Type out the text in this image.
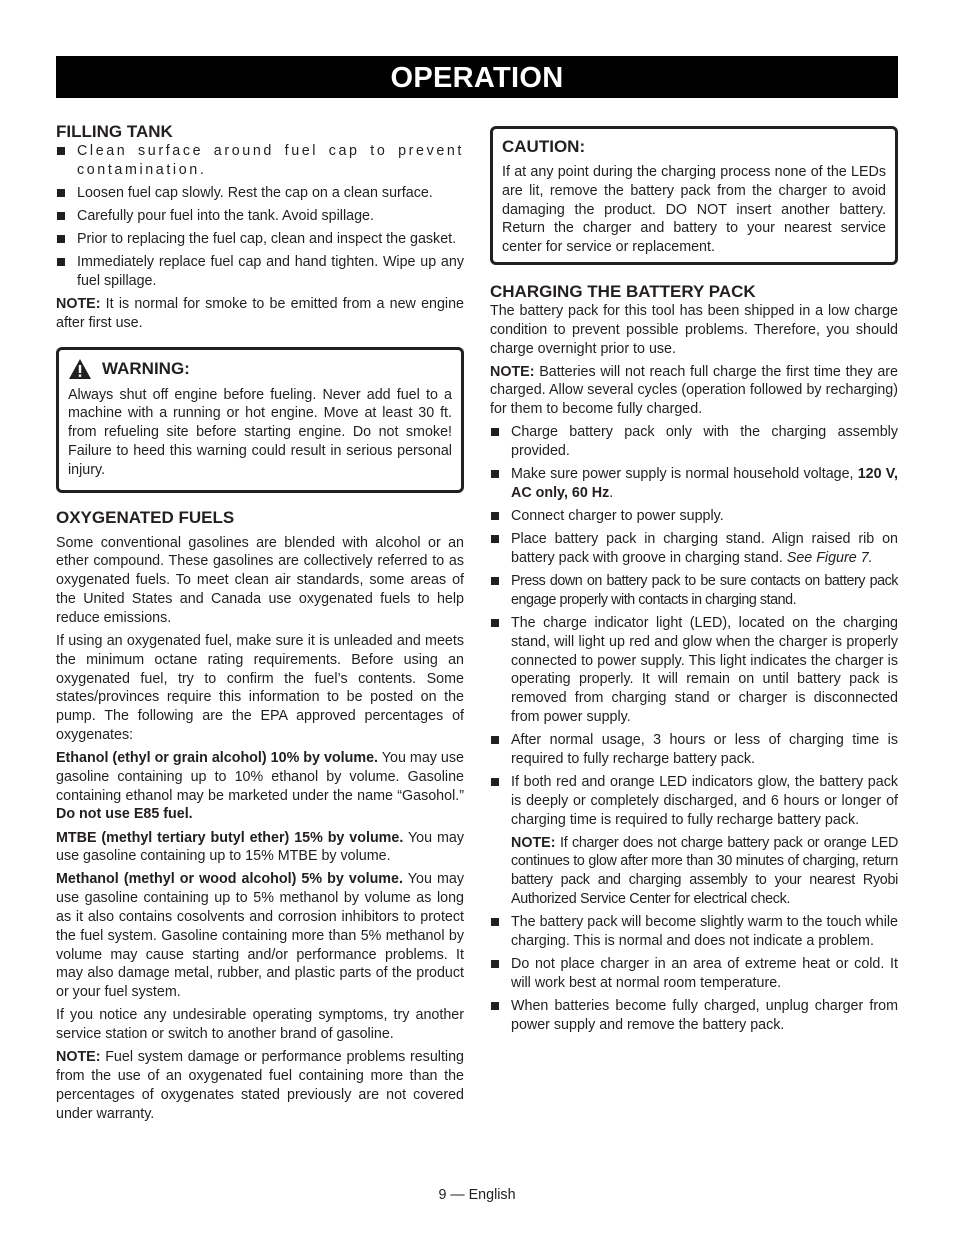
OPERATION
FILLING TANK
Clean surface around fuel cap to prevent contamination.
Loosen fuel cap slowly. Rest the cap on a clean surface.
Carefully pour fuel into the tank. Avoid spillage.
Prior to replacing the fuel cap, clean and inspect the gasket.
Immediately replace fuel cap and hand tighten. Wipe up any fuel spillage.

NOTE: It is normal for smoke to be emitted from a new engine after first use.

WARNING:

Always shut off engine before fueling. Never add fuel to a machine with a running or hot engine. Move at least 30 ft. from refueling site before starting engine. Do not smoke! Failure to heed this warning could result in serious personal injury.

OXYGENATED FUELS

Some conventional gasolines are blended with alcohol or an ether compound. These gasolines are collectively referred to as oxygenated fuels. To meet clean air standards, some areas of the United States and Canada use oxygenated fuels to help reduce emissions.

If using an oxygenated fuel, make sure it is unleaded and meets the minimum octane rating requirements. Before using an oxygenated fuel, try to confirm the fuel’s contents. Some states/provinces require this information to be posted on the pump. The following are the EPA approved percentages of oxygenates:

Ethanol (ethyl or grain alcohol) 10% by volume. You may use gasoline containing up to 10% ethanol by volume. Gasoline containing ethanol may be marketed under the name “Gasohol.” Do not use E85 fuel.

MTBE (methyl tertiary butyl ether) 15% by volume. You may use gasoline containing up to 15% MTBE by volume.

Methanol (methyl or wood alcohol) 5% by volume. You may use gasoline containing up to 5% methanol by volume as long as it also contains cosolvents and corrosion inhibitors to protect the fuel system. Gasoline containing more than 5% methanol by volume may cause starting and/or performance problems. It may also damage metal, rubber, and plastic parts of the product or your fuel system.

If you notice any undesirable operating symptoms, try another service station or switch to another brand of gasoline.

NOTE: Fuel system damage or performance problems resulting from the use of an oxygenated fuel containing more than the percentages of oxygenates stated previously are not covered under warranty.

CAUTION:

If at any point during the charging process none of the LEDs are lit, remove the battery pack from the charger to avoid damaging the product. DO NOT insert another battery. Return the charger and battery to your nearest service center for service or replacement.

CHARGING THE BATTERY PACK

The battery pack for this tool has been shipped in a low charge condition to prevent possible problems. Therefore, you should charge overnight prior to use.

NOTE: Batteries will not reach full charge the first time they are charged. Allow several cycles (operation followed by recharging) for them to become fully charged.

Charge battery pack only with the charging assembly provided.
Make sure power supply is normal household voltage, 120 V, AC only, 60 Hz.
Connect charger to power supply.
Place battery pack in charging stand. Align raised rib on battery pack with groove in charging stand. See Figure 7.
Press down on battery pack to be sure contacts on battery pack engage properly with contacts in charging stand.
The charge indicator light (LED), located on the charging stand, will light up red and glow when the charger is properly connected to power supply. This light indicates the charger is operating properly. It will remain on until battery pack is removed from charging stand or charger is disconnected from power supply.
After normal usage, 3 hours or less of charging time is required to fully recharge battery pack.
If both red and orange LED indicators glow, the battery pack is deeply or completely discharged, and 6 hours or longer of charging time is required to fully recharge battery pack.

NOTE: If charger does not charge battery pack or orange LED continues to glow after more than 30 minutes of charging, return battery pack and charging assembly to your nearest Ryobi Authorized Service Center for electrical check.

The battery pack will become slightly warm to the touch while charging. This is normal and does not indicate a problem.
Do not place charger in an area of extreme heat or cold. It will work best at normal room temperature.
When batteries become fully charged, unplug charger from power supply and remove the battery pack.
9 — English
